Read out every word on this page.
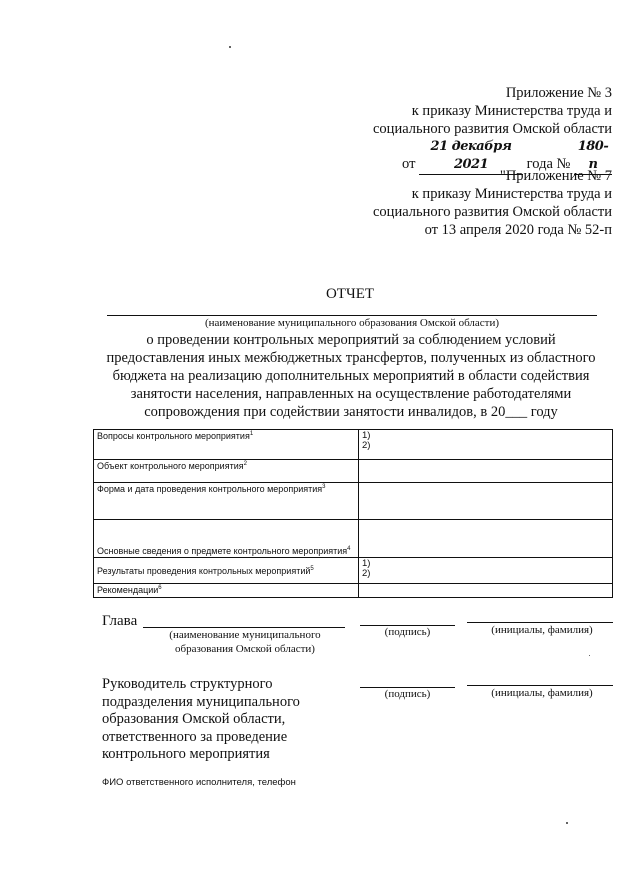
Приложение № 3
к приказу Министерства труда и
социального развития Омской области
от 21 декабря 2021	года № 180-п
"Приложение № 7
к приказу Министерства труда и
социального развития Омской области
от 13 апреля 2020 года № 52-п
ОТЧЕТ
(наименование муниципального образования Омской области)
о проведении контрольных мероприятий за соблюдением условий
предоставления иных межбюджетных трансфертов, полученных из областного
бюджета на реализацию дополнительных мероприятий в области содействия
занятости населения, направленных на осуществление работодателями
сопровождения при содействии занятости инвалидов, в 20___ году
Вопросы контрольного мероприятия$^1$	1)
2)

Объект контрольного мероприятия$^2$	
Форма и дата проведения контрольного мероприятия$^3$	
Основные сведения о предмете контрольного мероприятия$^4$	
Результаты проведения контрольных мероприятий$^5$	1)
2)

Рекомендации$^6$	
Глава
(наименование муниципального
образования Омской области)
(подпись)	(инициалы, фамилия)
Руководитель структурного
подразделения муниципального
образования Омской области,
ответственного за проведение
контрольного мероприятия
(подпись)	(инициалы, фамилия)
ФИО ответственного исполнителя, телефон
